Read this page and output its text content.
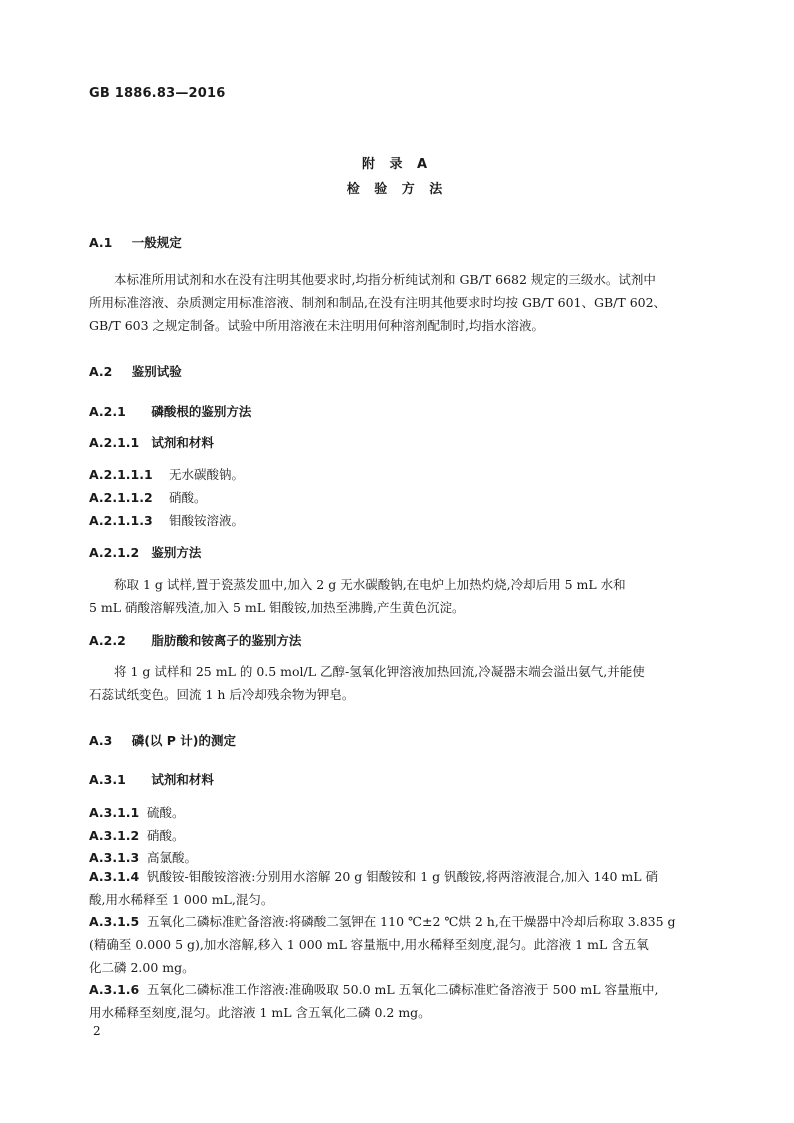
GB 1886.83—2016
附 录 A
检 验 方 法
A.1 一般规定
本标准所用试剂和水在没有注明其他要求时,均指分析纯试剂和 GB/T 6682 规定的三级水。试剂中
所用标准溶液、杂质测定用标准溶液、制剂和制品,在没有注明其他要求时均按 GB/T 601、GB/T 602、
GB/T 603 之规定制备。试验中所用溶液在未注明用何种溶剂配制时,均指水溶液。
A.2 鉴别试验
A.2.1 磷酸根的鉴别方法
A.2.1.1 试剂和材料
A.2.1.1.1 无水碳酸钠。
A.2.1.1.2 硝酸。
A.2.1.1.3 钼酸铵溶液。
A.2.1.2 鉴别方法
称取 1 g 试样,置于瓷蒸发皿中,加入 2 g 无水碳酸钠,在电炉上加热灼烧,冷却后用 5 mL 水和
5 mL 硝酸溶解残渣,加入 5 mL 钼酸铵,加热至沸腾,产生黄色沉淀。
A.2.2 脂肪酸和铵离子的鉴别方法
将 1 g 试样和 25 mL 的 0.5 mol/L 乙醇-氢氧化钾溶液加热回流,冷凝器末端会溢出氨气,并能使
石蕊试纸变色。回流 1 h 后冷却残余物为钾皂。
A.3 磷(以 P 计)的测定
A.3.1 试剂和材料
A.3.1.1 硫酸。
A.3.1.2 硝酸。
A.3.1.3 高氯酸。
A.3.1.4 钒酸铵-钼酸铵溶液:分别用水溶解 20 g 钼酸铵和 1 g 钒酸铵,将两溶液混合,加入 140 mL 硝
酸,用水稀释至 1 000 mL,混匀。
A.3.1.5 五氧化二磷标准贮备溶液:将磷酸二氢钾在 110 ℃±2 ℃烘 2 h,在干燥器中冷却后称取 3.835 g
(精确至 0.000 5 g),加水溶解,移入 1 000 mL 容量瓶中,用水稀释至刻度,混匀。此溶液 1 mL 含五氧
化二磷 2.00 mg。
A.3.1.6 五氧化二磷标准工作溶液:准确吸取 50.0 mL 五氧化二磷标准贮备溶液于 500 mL 容量瓶中,
用水稀释至刻度,混匀。此溶液 1 mL 含五氧化二磷 0.2 mg。
2
